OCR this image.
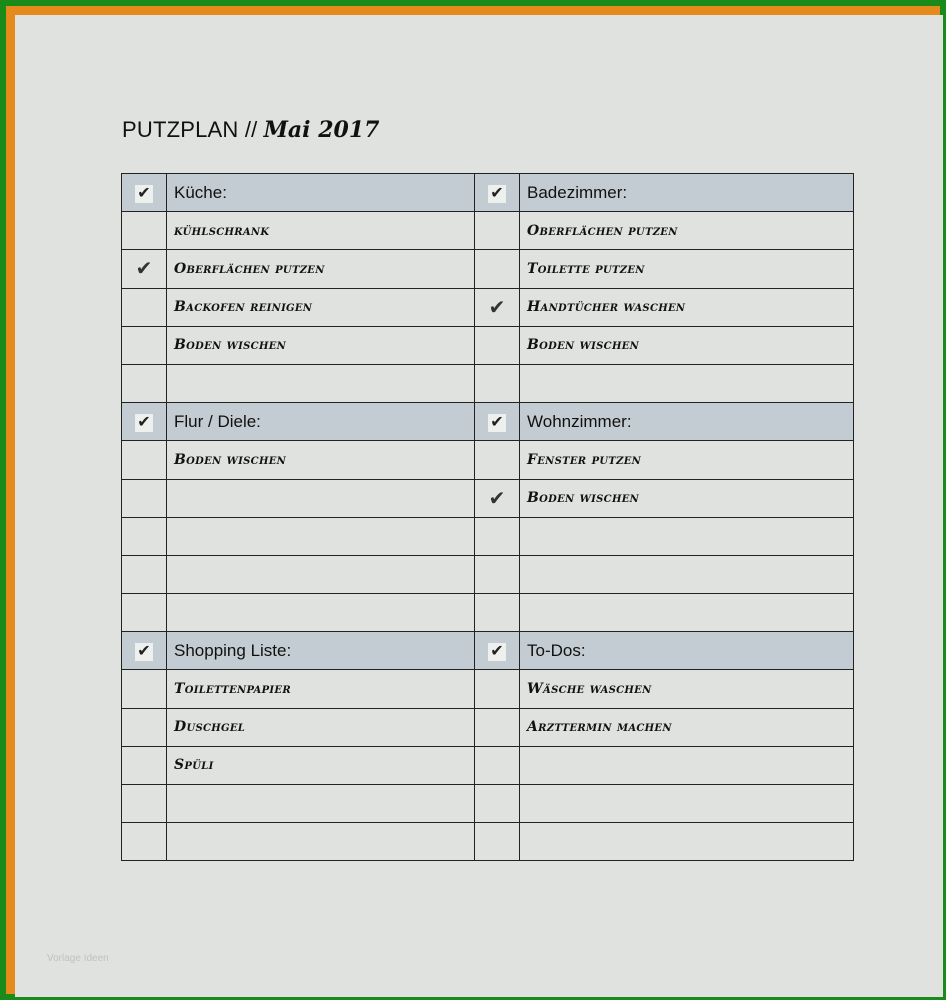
PUTZPLAN // Mai 2017
✔	Küche:	✔	Badezimmer:
	kühlschrank		Oberflächen putzen
✔	Oberflächen putzen		Toilette putzen
	Backofen reinigen	✔	Handtücher waschen
	Boden wischen		Boden wischen

✔	Flur / Diele:	✔	Wohnzimmer:
	Boden wischen		Fenster putzen
		✔	Boden wischen

✔	Shopping Liste:	✔	To-Dos:
	Toilettenpapier		Wäsche waschen
	Duschgel		Arzttermin machen
	Spüli		

Vorlage Ideen
